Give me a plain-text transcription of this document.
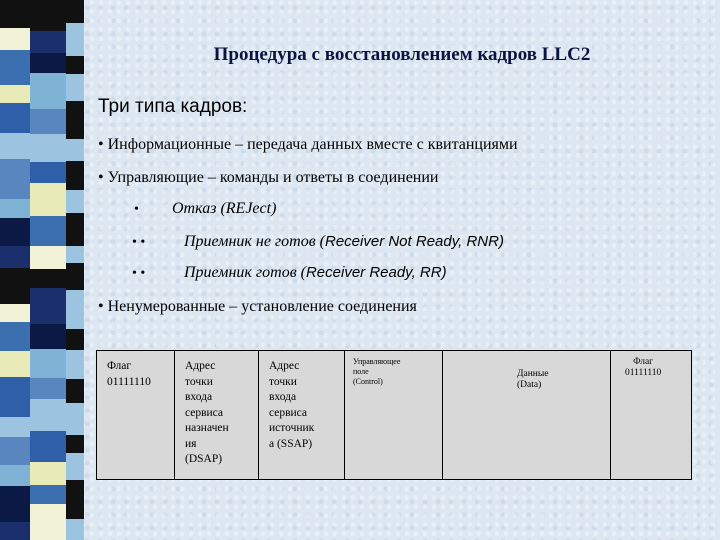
Процедура с восстановлением кадров LLC2
Три типа кадров:
• Информационные – передача данных вместе с квитанциями
• Управляющие – команды и ответы в соединении
• Отказ (REJect)
• • Приемник не готов (Receiver Not Ready, RNR)
• • Приемник готов (Receiver Ready, RR)
• Ненумерованные – установление соединения
Флаг
01111110
Адрес
точки
входа
сервиса
назначен
ия
(DSAP)
Адрес
точки
входа
сервиса
источник
а (SSAP)
Управляющее
поле
(Control)
Данные
(Data)
Флаг
01111110
